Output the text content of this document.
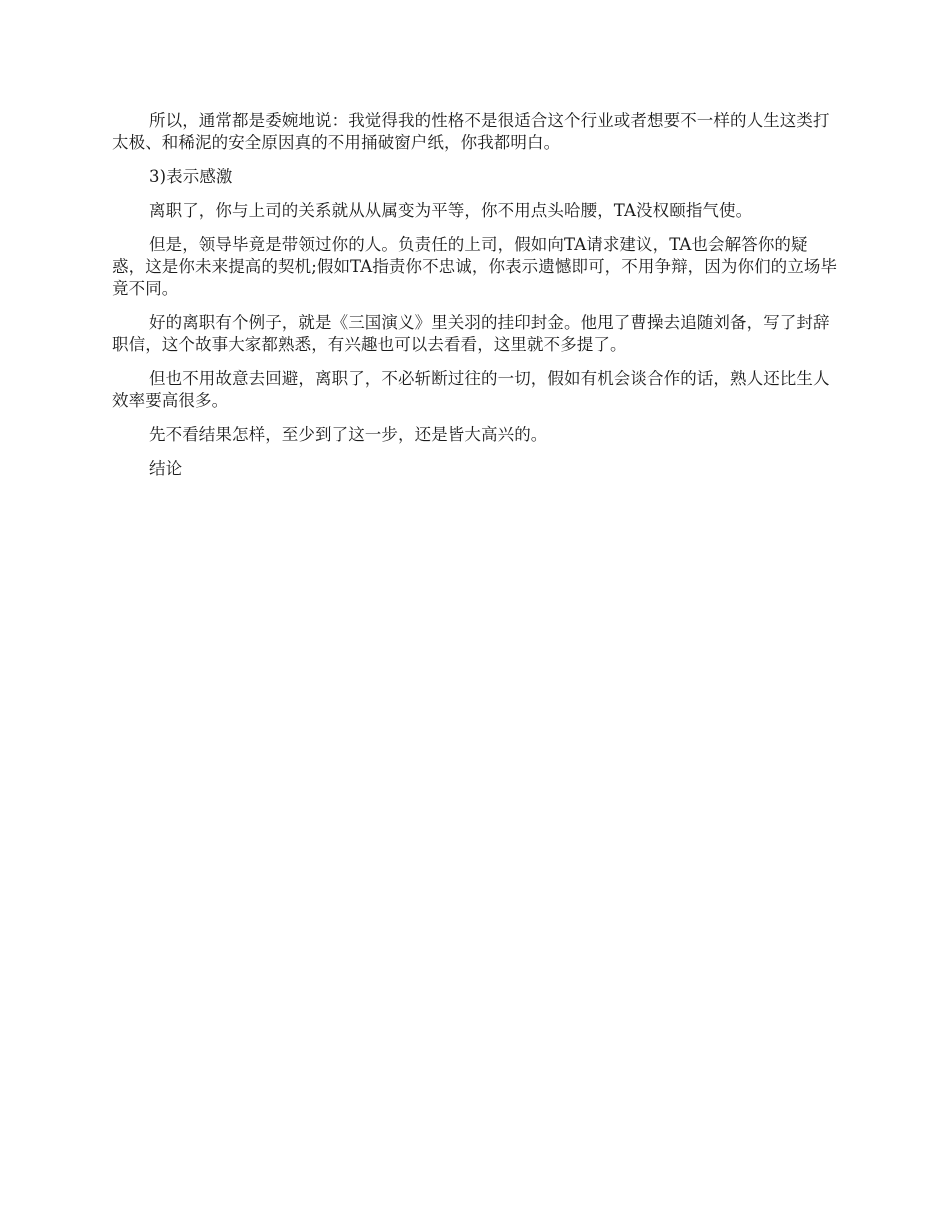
所以，通常都是委婉地说：我觉得我的性格不是很适合这个行业或者想要不一样的人生这类打太极、和稀泥的安全原因真的不用捅破窗户纸，你我都明白。

3)表示感激

离职了，你与上司的关系就从从属变为平等，你不用点头哈腰，TA没权颐指气使。

但是，领导毕竟是带领过你的人。负责任的上司，假如向TA请求建议，TA也会解答你的疑惑，这是你未来提高的契机;假如TA指责你不忠诚，你表示遗憾即可，不用争辩，因为你们的立场毕竟不同。

好的离职有个例子，就是《三国演义》里关羽的挂印封金。他甩了曹操去追随刘备，写了封辞职信，这个故事大家都熟悉，有兴趣也可以去看看，这里就不多提了。

但也不用故意去回避，离职了，不必斩断过往的一切，假如有机会谈合作的话，熟人还比生人效率要高很多。

先不看结果怎样，至少到了这一步，还是皆大高兴的。

结论
